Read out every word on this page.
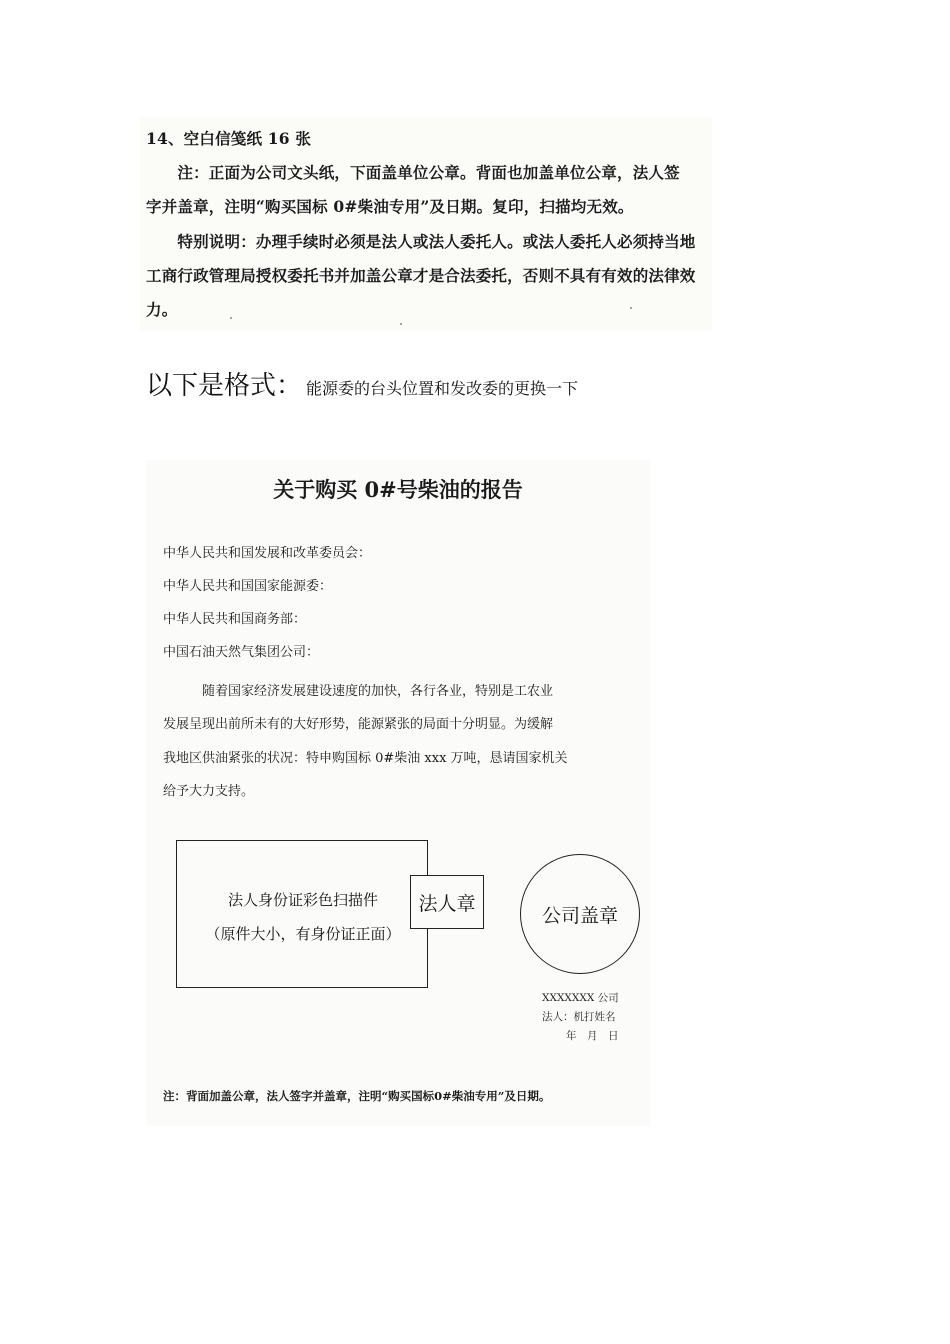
14、空白信笺纸 16 张
　　注：正面为公司文头纸，下面盖单位公章。背面也加盖单位公章，法人签
字并盖章，注明“购买国标 0#柴油专用”及日期。复印，扫描均无效。
　　特别说明：办理手续时必须是法人或法人委托人。或法人委托人必须持当地
工商行政管理局授权委托书并加盖公章才是合法委托，否则不具有有效的法律效
力。
以下是格式： 能源委的台头位置和发改委的更换一下
关于购买 0#号柴油的报告
中华人民共和国发展和改革委员会：
中华人民共和国国家能源委：
中华人民共和国商务部：
中国石油天然气集团公司：
　　　随着国家经济发展建设速度的加快，各行各业，特别是工农业
发展呈现出前所未有的大好形势，能源紧张的局面十分明显。为缓解
我地区供油紧张的状况：特申购国标 0#柴油 xxx 万吨，恳请国家机关
给予大力支持。
法人身份证彩色扫描件
（原件大小，有身份证正面）
法人章
公司盖章
XXXXXXX 公司
法人：机打姓名
年　月　日
注：背面加盖公章，法人签字并盖章，注明“购买国标0#柴油专用”及日期。
